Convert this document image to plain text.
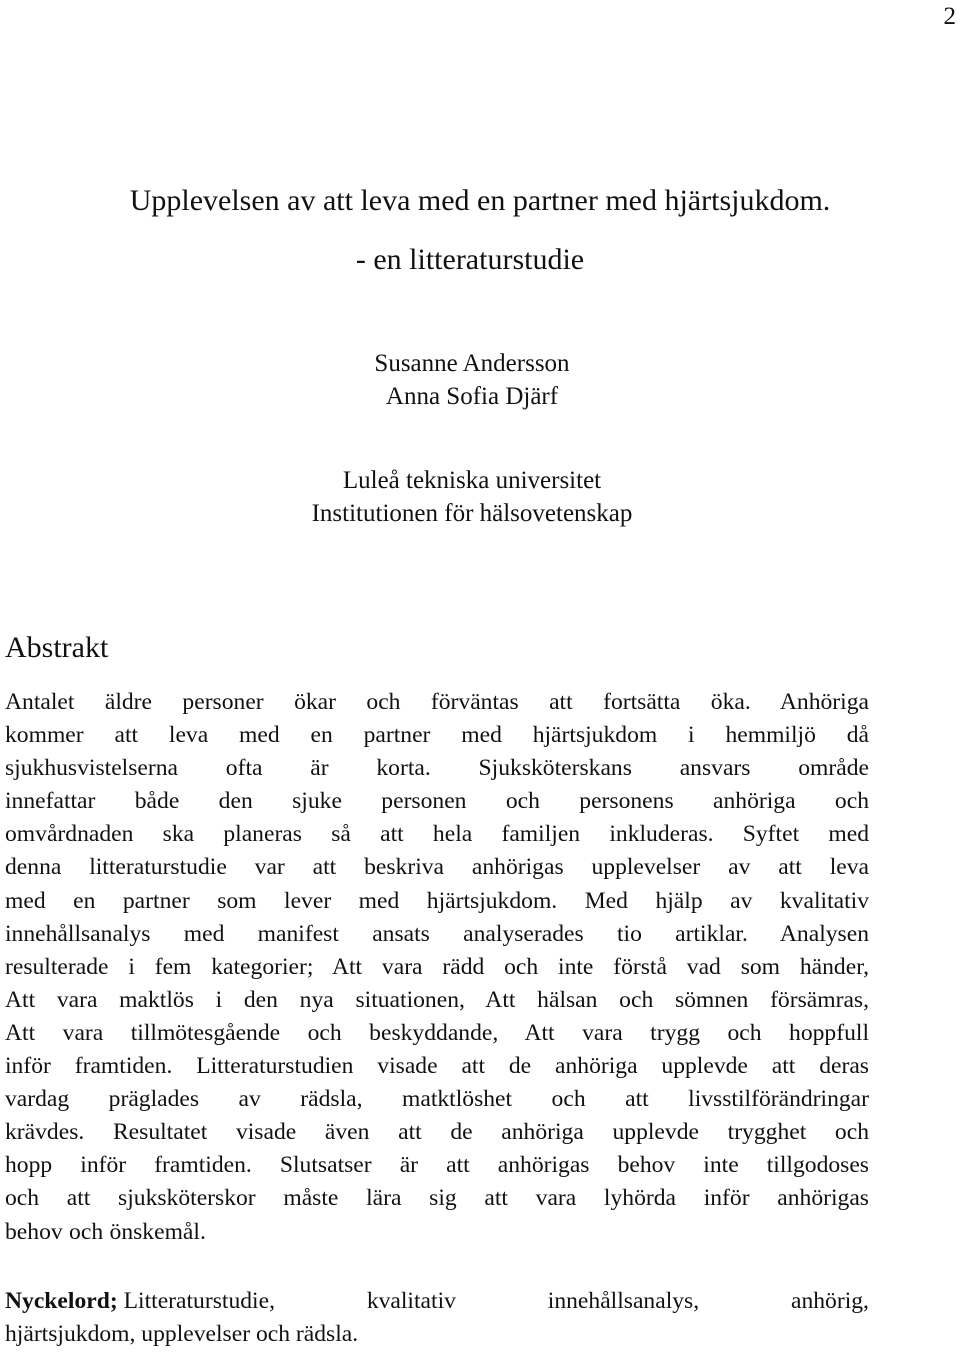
2
Upplevelsen av att leva med en partner med hjärtsjukdom.
- en litteraturstudie
Susanne Andersson
Anna Sofia Djärf
Luleå tekniska universitet
Institutionen för hälsovetenskap
Abstrakt
Antalet äldre personer ökar och förväntas att fortsätta öka. Anhöriga
kommer att leva med en partner med hjärtsjukdom i hemmiljö då
sjukhusvistelserna ofta är korta. Sjuksköterskans ansvars område
innefattar både den sjuke personen och personens anhöriga och
omvårdnaden ska planeras så att hela familjen inkluderas. Syftet med
denna litteraturstudie var att beskriva anhörigas upplevelser av att leva
med en partner som lever med hjärtsjukdom. Med hjälp av kvalitativ
innehållsanalys med manifest ansats analyserades tio artiklar. Analysen
resulterade i fem kategorier; Att vara rädd och inte förstå vad som händer,
Att vara maktlös i den nya situationen, Att hälsan och sömnen försämras,
Att vara tillmötesgående och beskyddande, Att vara trygg och hoppfull
inför framtiden. Litteraturstudien visade att de anhöriga upplevde att deras
vardag präglades av rädsla, matktlöshet och att livsstilförändringar
krävdes. Resultatet visade även att de anhöriga upplevde trygghet och
hopp inför framtiden. Slutsatser är att anhörigas behov inte tillgodoses
och att sjuksköterskor måste lära sig att vara lyhörda inför anhörigas
behov och önskemål.
Nyckelord; Litteraturstudie,	kvalitativ	innehållsanalys,	anhörig,
hjärtsjukdom, upplevelser och rädsla.
